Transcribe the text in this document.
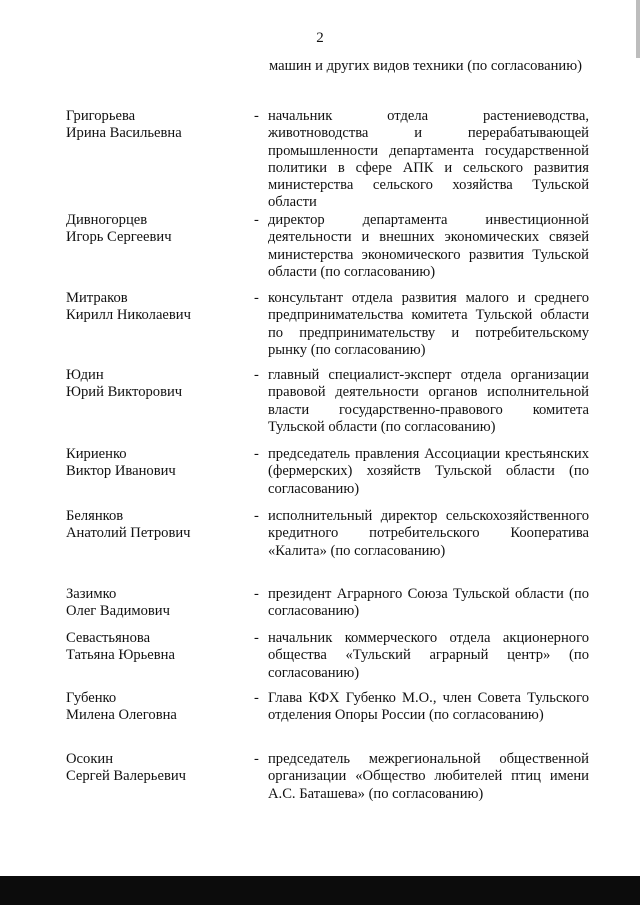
2
машин и других видов техники (по согласованию)
Григорьева
Ирина Васильевна
- начальник отдела растениеводства, животноводства и перерабатывающей промышленности департамента государственной политики в сфере АПК и сельского развития министерства сельского хозяйства Тульской области
Дивногорцев
Игорь Сергеевич
- директор департамента инвестиционной деятельности и внешних экономических связей министерства экономического развития Тульской области (по согласованию)
Митраков
Кирилл Николаевич
- консультант отдела развития малого и среднего предпринимательства комитета Тульской области по предпринимательству и потребительскому рынку (по согласованию)
Юдин
Юрий Викторович
- главный специалист-эксперт отдела организации правовой деятельности органов исполнительной власти государственно-правового комитета Тульской области (по согласованию)
Кириенко
Виктор Иванович
- председатель правления Ассоциации крестьянских (фермерских) хозяйств Тульской области (по согласованию)
Белянков
Анатолий Петрович
- исполнительный директор сельскохозяйственного кредитного потребительского Кооператива «Калита» (по согласованию)
Зазимко
Олег Вадимович
- президент Аграрного Союза Тульской области (по согласованию)
Севастьянова
Татьяна Юрьевна
- начальник коммерческого отдела акционерного общества «Тульский аграрный центр» (по согласованию)
Губенко
Милена Олеговна
- Глава КФХ Губенко М.О., член Совета Тульского отделения Опоры России (по согласованию)
Осокин
Сергей Валерьевич
- председатель межрегиональной общественной организации «Общество любителей птиц имени А.С. Баташева» (по согласованию)
